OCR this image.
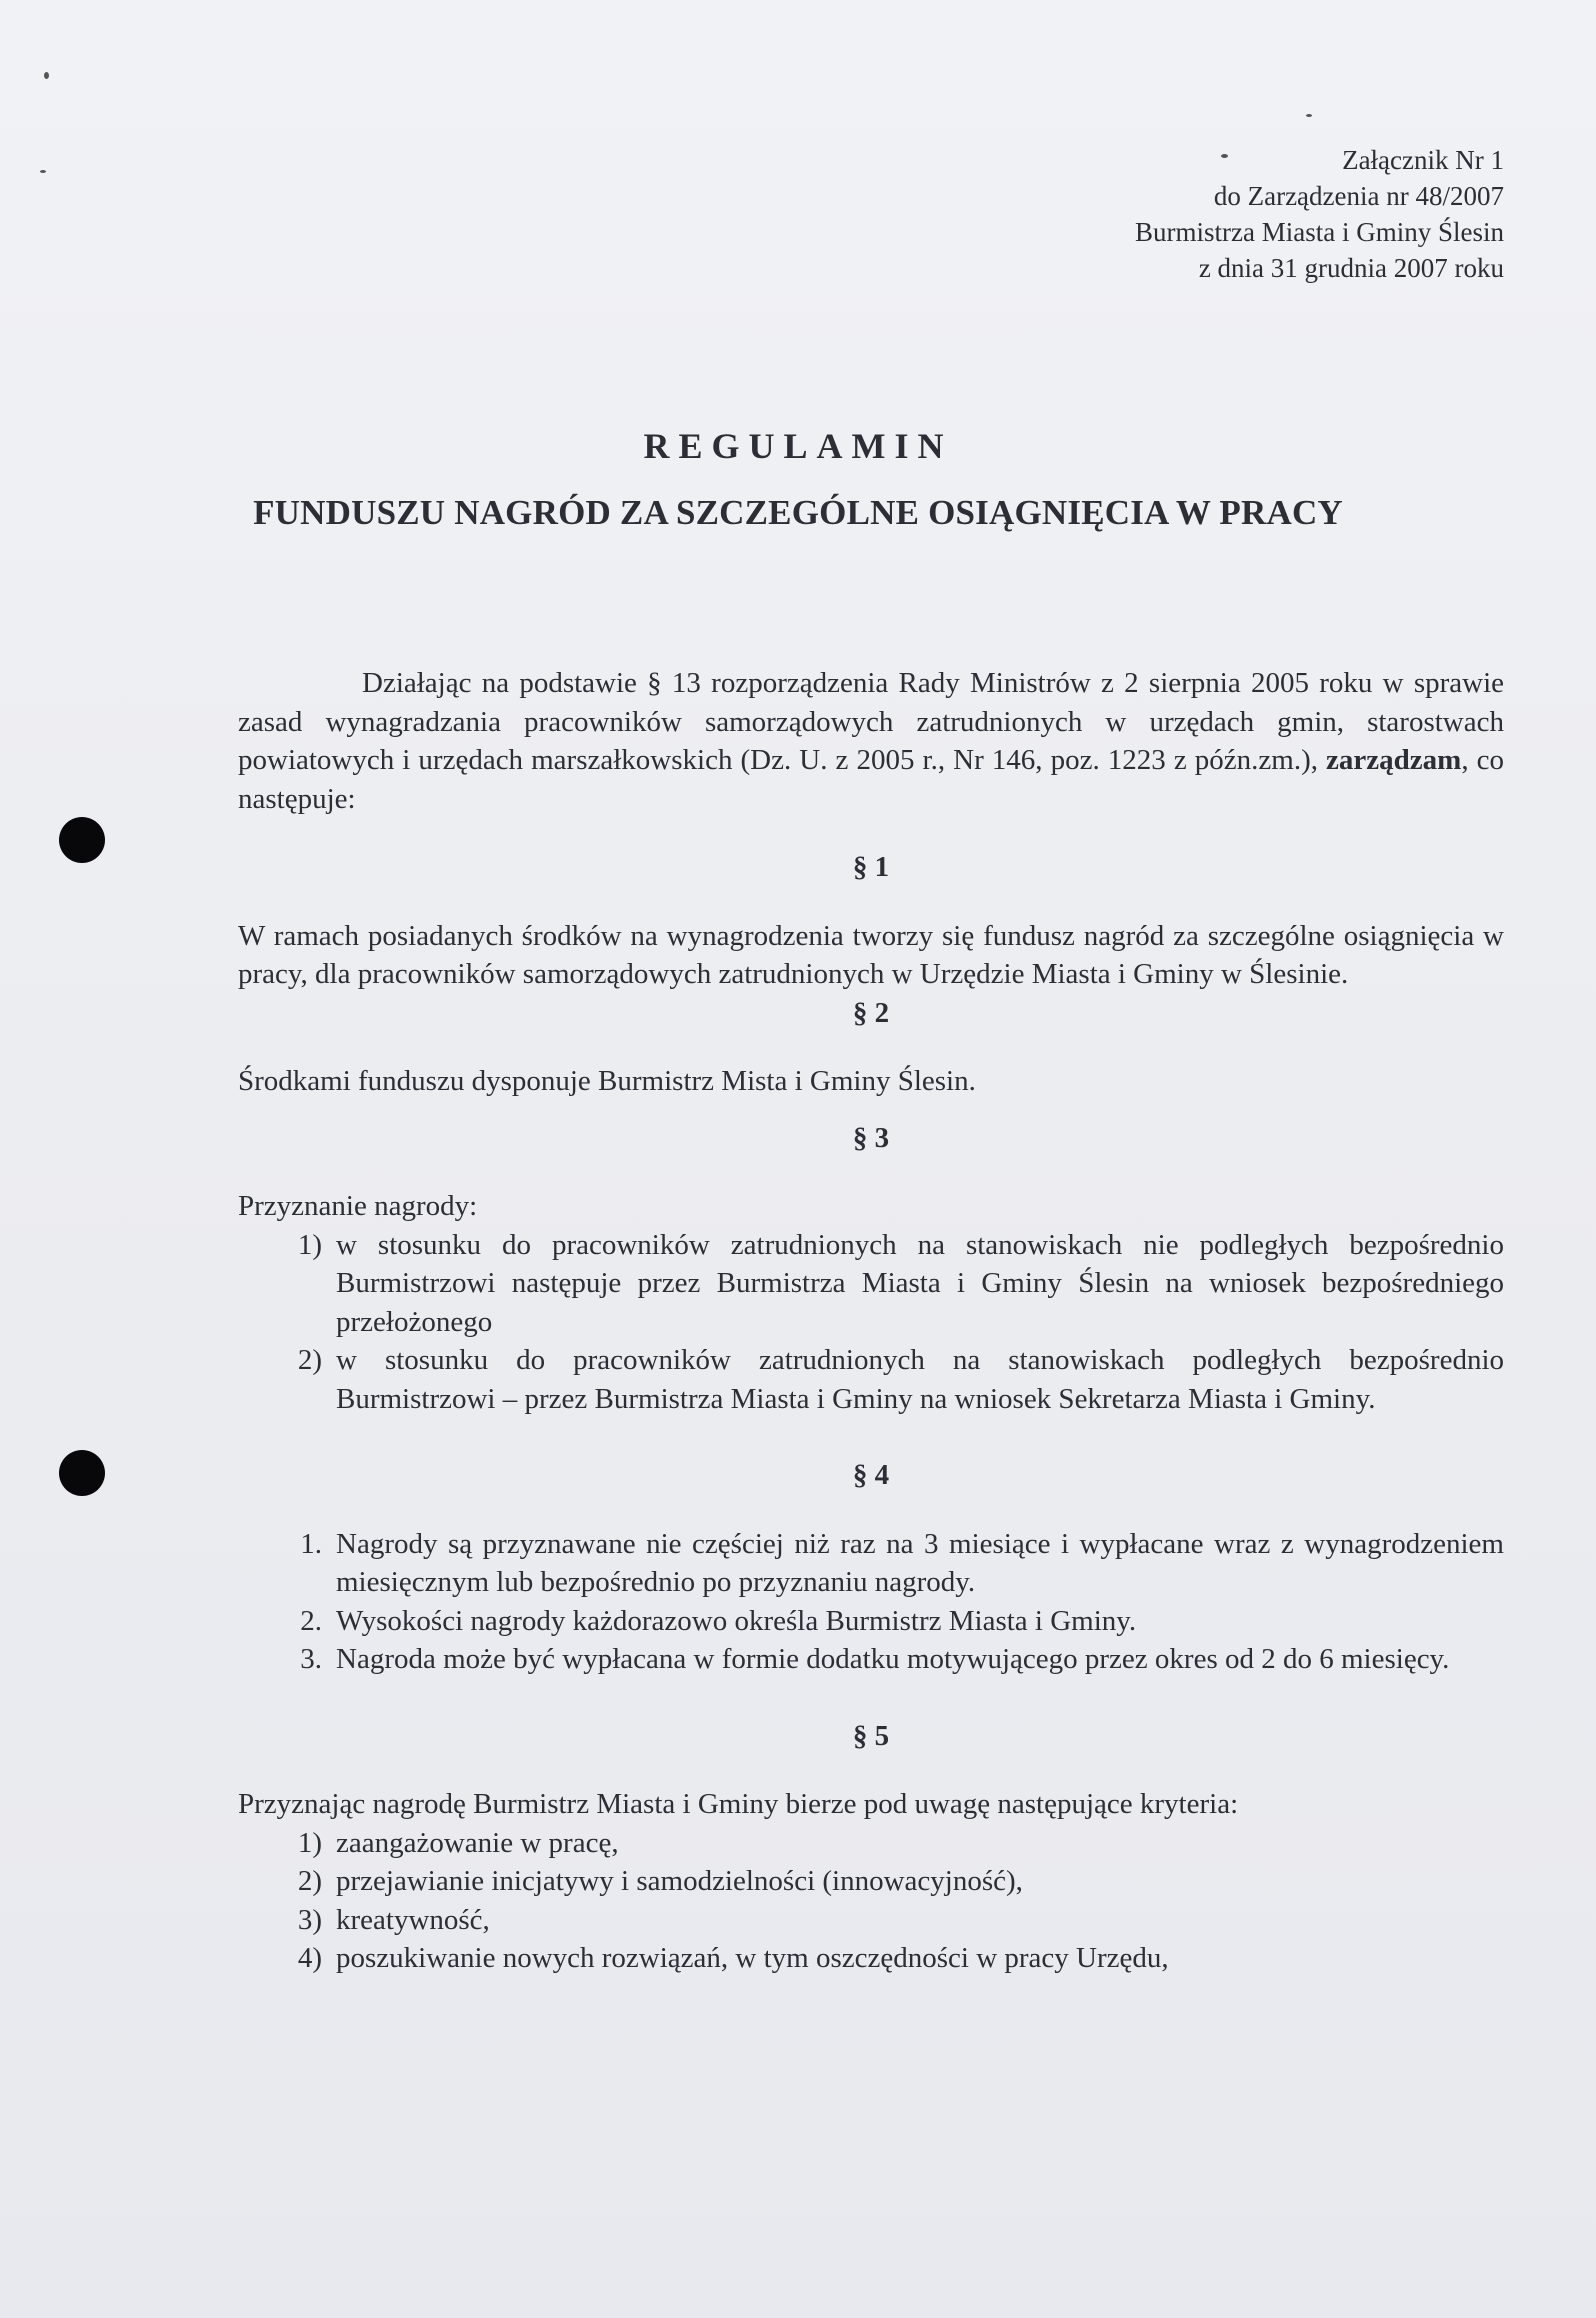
Załącznik Nr 1
do Zarządzenia nr 48/2007
Burmistrza Miasta i Gminy Ślesin
z dnia 31 grudnia 2007 roku
REGULAMIN
FUNDUSZU NAGRÓD ZA SZCZEGÓLNE OSIĄGNIĘCIA W PRACY

Działając na podstawie § 13 rozporządzenia Rady Ministrów z 2 sierpnia 2005 roku w sprawie zasad wynagradzania pracowników samorządowych zatrudnionych w urzędach gmin, starostwach powiatowych i urzędach marszałkowskich (Dz. U. z 2005 r., Nr 146, poz. 1223 z późn.zm.), zarządzam, co następuje:

§ 1

W ramach posiadanych środków na wynagrodzenia tworzy się fundusz nagród za szczególne osiągnięcia w pracy, dla pracowników samorządowych zatrudnionych w Urzędzie Miasta i Gminy w Ślesinie.

§ 2

Środkami funduszu dysponuje Burmistrz Mista i Gminy Ślesin.

§ 3

Przyznanie nagrody:

1) w stosunku do pracowników zatrudnionych na stanowiskach nie podległych bezpośrednio Burmistrzowi następuje przez Burmistrza Miasta i Gminy Ślesin na wniosek bezpośredniego przełożonego
2) w stosunku do pracowników zatrudnionych na stanowiskach podległych bezpośrednio Burmistrzowi – przez Burmistrza Miasta i Gminy na wniosek Sekretarza Miasta i Gminy.

§ 4

1. Nagrody są przyznawane nie częściej niż raz na 3 miesiące i wypłacane wraz z wynagrodzeniem miesięcznym lub bezpośrednio po przyznaniu nagrody.
2. Wysokości nagrody każdorazowo określa Burmistrz Miasta i Gminy.
3. Nagroda może być wypłacana w formie dodatku motywującego przez okres od 2 do 6 miesięcy.

§ 5

Przyznając nagrodę Burmistrz Miasta i Gminy bierze pod uwagę następujące kryteria:

1) zaangażowanie w pracę,
2) przejawianie inicjatywy i samodzielności (innowacyjność),
3) kreatywność,
4) poszukiwanie nowych rozwiązań, w tym oszczędności w pracy Urzędu,
